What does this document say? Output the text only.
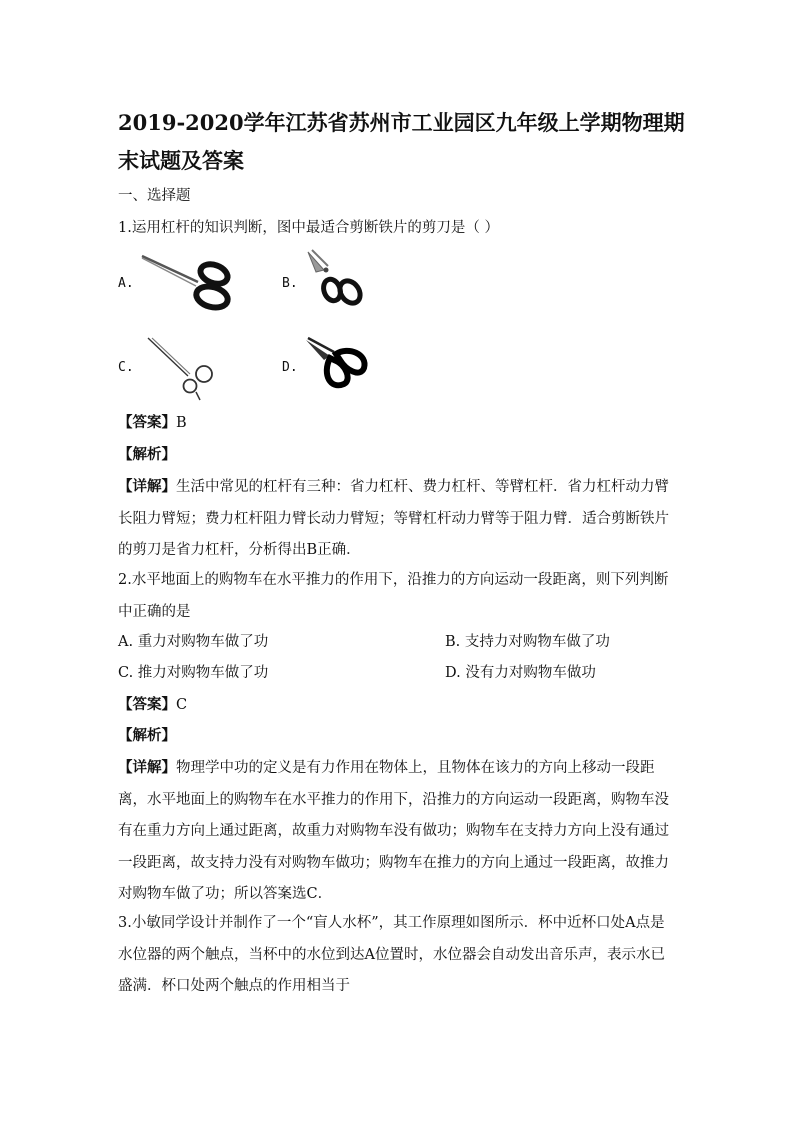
2019-2020学年江苏省苏州市工业园区九年级上学期物理期末试题及答案
一、选择题
1.运用杠杆的知识判断，图中最适合剪断铁片的剪刀是（ ）
A.	B.
C.	D.
【答案】B
【解析】

【详解】生活中常见的杠杆有三种：省力杠杆、费力杠杆、等臂杠杆．省力杠杆动力臂长阻力臂短；费力杠杆阻力臂长动力臂短；等臂杠杆动力臂等于阻力臂．适合剪断铁片的剪刀是省力杠杆，分析得出B正确．

2.水平地面上的购物车在水平推力的作用下，沿推力的方向运动一段距离，则下列判断中正确的是

A. 重力对购物车做了功	B. 支持力对购物车做了功
C. 推力对购物车做了功	D. 没有力对购物车做功
【答案】C
【解析】

【详解】物理学中功的定义是有力作用在物体上，且物体在该力的方向上移动一段距离，水平地面上的购物车在水平推力的作用下，沿推力的方向运动一段距离，购物车没有在重力方向上通过距离，故重力对购物车没有做功；购物车在支持力方向上没有通过一段距离，故支持力没有对购物车做功；购物车在推力的方向上通过一段距离，故推力对购物车做了功；所以答案选C．

3.小敏同学设计并制作了一个“盲人水杯”，其工作原理如图所示．杯中近杯口处A点是水位器的两个触点，当杯中的水位到达A位置时，水位器会自动发出音乐声，表示水已盛满．杯口处两个触点的作用相当于
